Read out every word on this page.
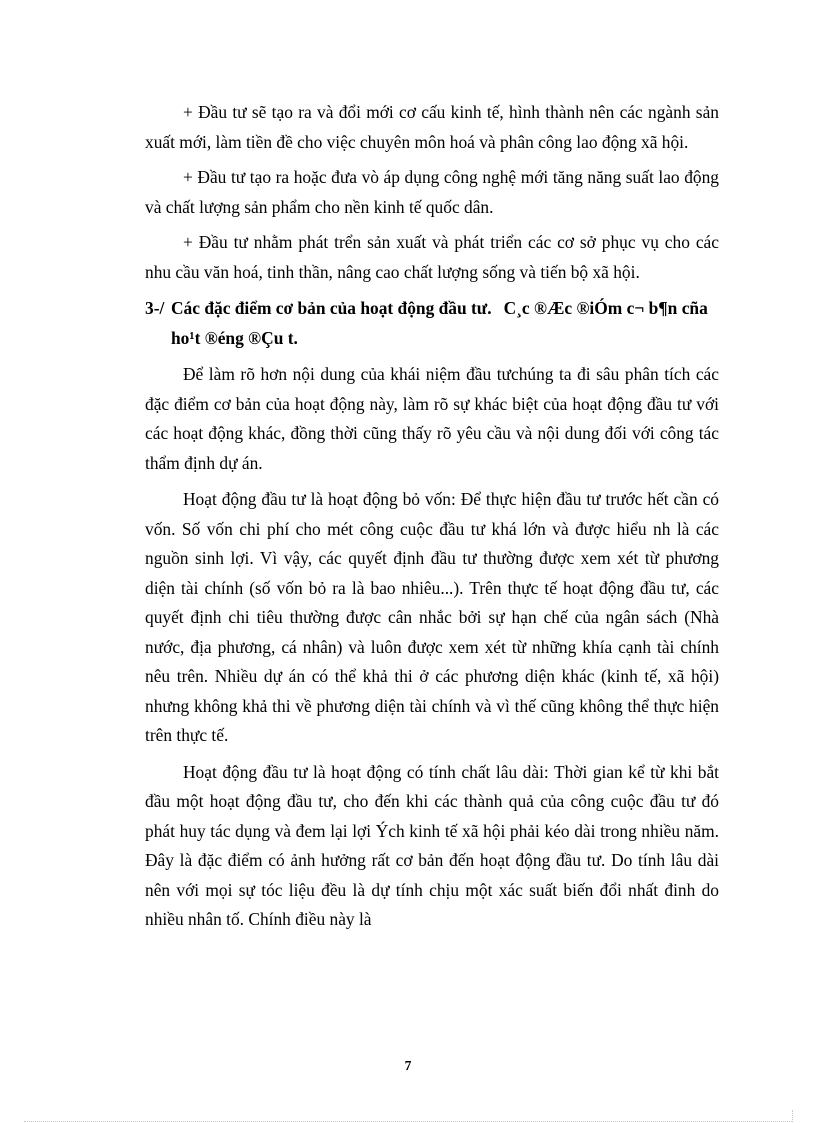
+ Đầu tư sẽ tạo ra và đổi mới cơ cấu kinh tế, hình thành nên các ngành sản xuất mới, làm tiền đề cho việc chuyên môn hoá và phân công lao động xã hội.

+ Đầu tư tạo ra hoặc đưa vò áp dụng công nghệ mới tăng năng suất lao động và chất lượng sản phẩm cho nền kinh tế quốc dân.

+ Đầu tư nhằm phát trển sản xuất và phát triển các cơ sở phục vụ cho các nhu cầu văn hoá, tinh thần, nâng cao chất lượng sống và tiến bộ xã hội.

3-/ Các đặc điểm cơ bản của hoạt động đầu tư. C¸c ®Æc ®iÓm c¬ b¶n cña ho¹t ®éng ®Çu t.

Để làm rõ hơn nội dung của khái niệm đầu tưchúng ta đi sâu phân tích các đặc điểm cơ bản của hoạt động này, làm rõ sự khác biệt của hoạt động đầu tư với các hoạt động khác, đồng thời cũng thấy rõ yêu cầu và nội dung đối với công tác thẩm định dự án.

Hoạt động đầu tư là hoạt động bỏ vốn: Để thực hiện đầu tư trước hết cần có vốn. Số vốn chi phí cho mét công cuộc đầu tư khá lớn và được hiểu nh là các nguồn sinh lợi. Vì vậy, các quyết định đầu tư thường được xem xét từ phương diện tài chính (số vốn bỏ ra là bao nhiêu...). Trên thực tế hoạt động đầu tư, các quyết định chi tiêu thường được cân nhắc bởi sự hạn chế của ngân sách (Nhà nước, địa phương, cá nhân) và luôn được xem xét từ những khía cạnh tài chính nêu trên. Nhiều dự án có thể khả thi ở các phương diện khác (kinh tế, xã hội) nhưng không khả thi về phương diện tài chính và vì thế cũng không thể thực hiện trên thực tế.

Hoạt động đầu tư là hoạt động có tính chất lâu dài: Thời gian kể từ khi bắt đầu một hoạt động đầu tư, cho đến khi các thành quả của công cuộc đầu tư đó phát huy tác dụng và đem lại lợi Ých kinh tế xã hội phải kéo dài trong nhiều năm. Đây là đặc điểm có ảnh hưởng rất cơ bản đến hoạt động đầu tư. Do tính lâu dài nên với mọi sự tóc liệu đều là dự tính chịu một xác suất biến đổi nhất đinh do nhiều nhân tố. Chính điều này là

7
